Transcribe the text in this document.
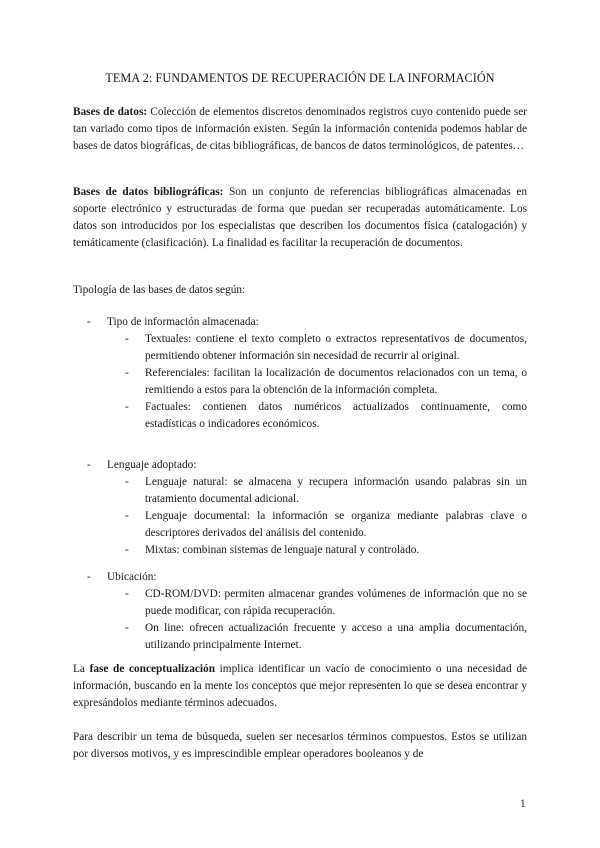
TEMA 2: FUNDAMENTOS DE RECUPERACIÓN DE LA INFORMACIÓN

Bases de datos: Colección de elementos discretos denominados registros cuyo contenido puede ser tan variado como tipos de información existen. Según la información contenida podemos hablar de bases de datos biográficas, de citas bibliográficas, de bancos de datos terminológicos, de patentes…

Bases de datos bibliográficas: Son un conjunto de referencias bibliográficas almacenadas en soporte electrónico y estructuradas de forma que puedan ser recuperadas automáticamente. Los datos son introducidos por los especialistas que describen los documentos física (catalogación) y temáticamente (clasificación). La finalidad es facilitar la recuperación de documentos.

Tipología de las bases de datos según:

- Tipo de información almacenada:
- Textuales: contiene el texto completo o extractos representativos de documentos, permitiendo obtener información sin necesidad de recurrir al original.
- Referenciales: facilitan la localización de documentos relacionados con un tema, o remitiendo a estos para la obtención de la información completa.
- Factuales: contienen datos numéricos actualizados continuamente, como estadísticas o indicadores económicos.
- Lenguaje adoptado:
- Lenguaje natural: se almacena y recupera información usando palabras sin un tratamiento documental adicional.
- Lenguaje documental: la información se organiza mediante palabras clave o descriptores derivados del análisis del contenido.
- Mixtas: combinan sistemas de lenguaje natural y controlado.
- Ubicación:
- CD-ROM/DVD: permiten almacenar grandes volúmenes de información que no se puede modificar, con rápida recuperación.
- On line: ofrecen actualización frecuente y acceso a una amplia documentación, utilizando principalmente Internet.

La fase de conceptualización implica identificar un vacío de conocimiento o una necesidad de información, buscando en la mente los conceptos que mejor representen lo que se desea encontrar y expresándolos mediante términos adecuados.

Para describir un tema de búsqueda, suelen ser necesarios términos compuestos. Estos se utilizan por diversos motivos, y es imprescindible emplear operadores booleanos y de

1
